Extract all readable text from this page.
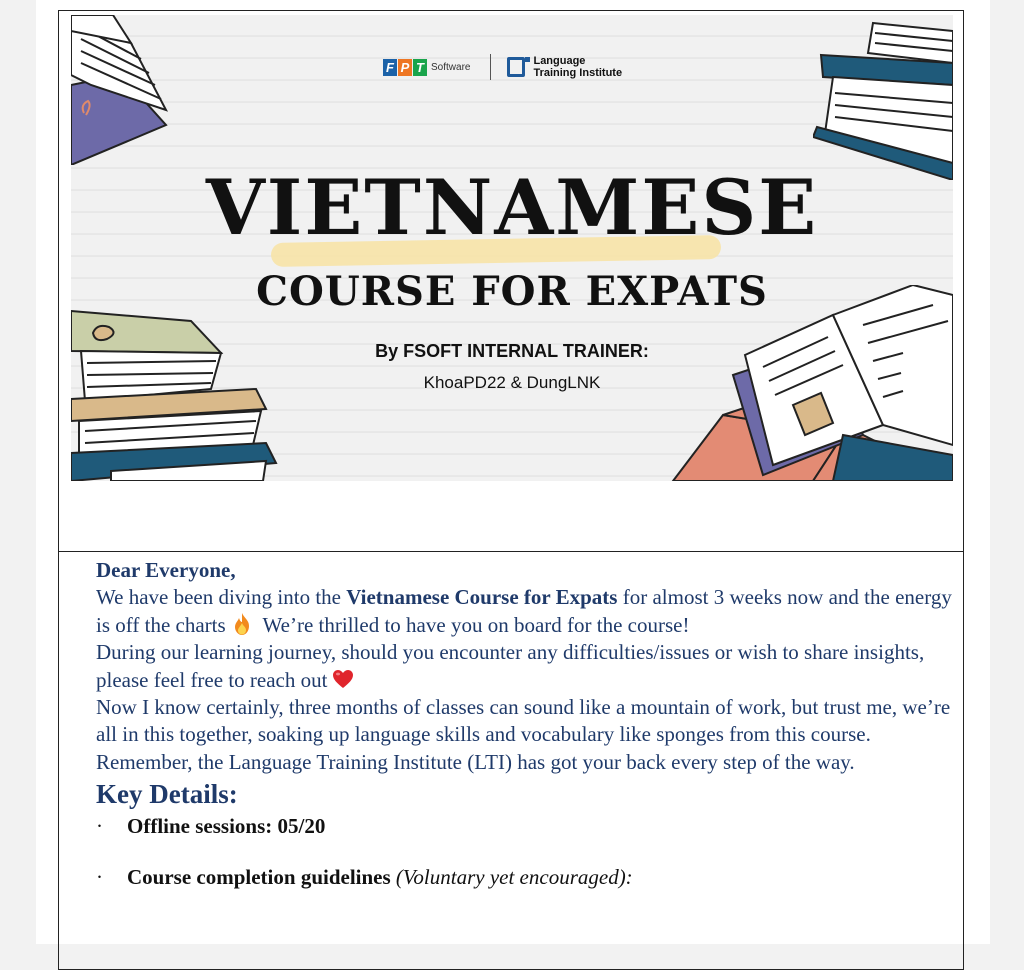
F P T Software	Language
Training Institute
VIETNAMESE
COURSE FOR EXPATS
By FSOFT INTERNAL TRAINER:
KhoaPD22 & DungLNK

Dear Everyone,

We have been diving into the Vietnamese Course for Expats for almost 3 weeks now and the energy is off the charts We’re thrilled to have you on board for the course!

During our learning journey, should you encounter any difficulties/issues or wish to share insights, please feel free to reach out

Now I know certainly, three months of classes can sound like a mountain of work, but trust me, we’re all in this together, soaking up language skills and vocabulary like sponges from this course.

Remember, the Language Training Institute (LTI) has got your back every step of the way.

Key Details:
· Offline sessions: 05/20
· Course completion guidelines (Voluntary yet encouraged):
